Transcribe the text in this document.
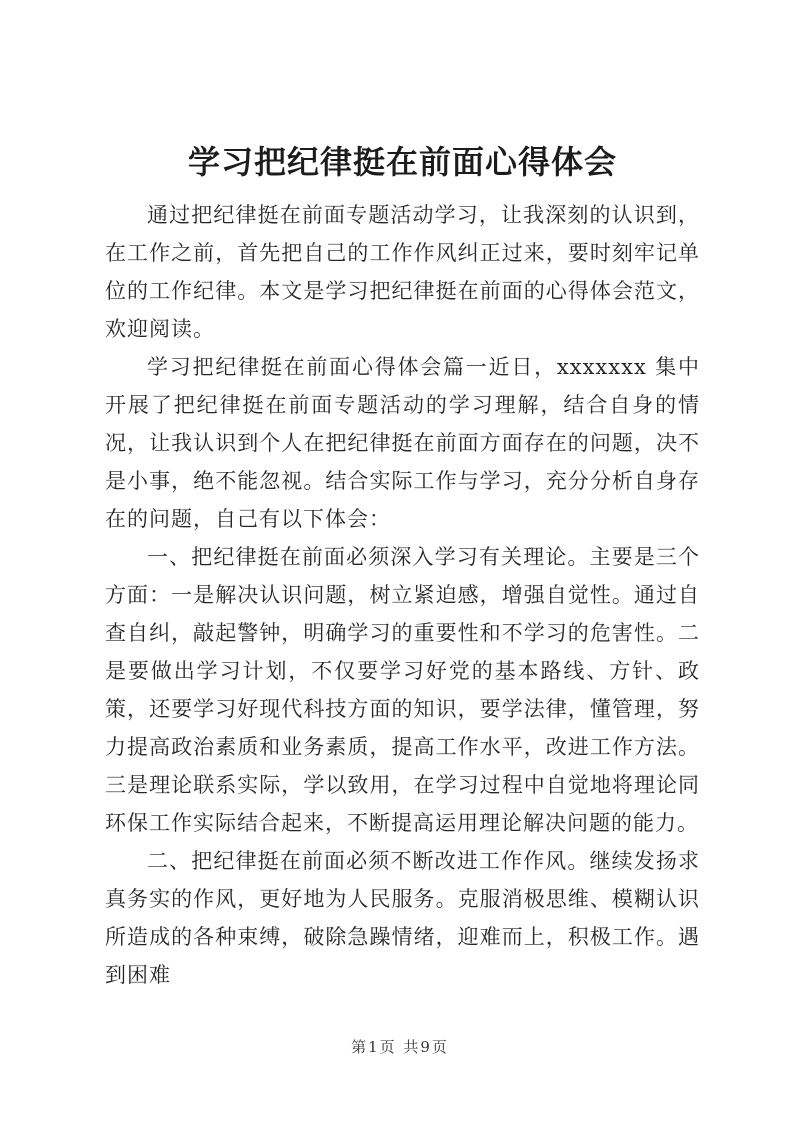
学习把纪律挺在前面心得体会

通过把纪律挺在前面专题活动学习，让我深刻的认识到，在工作之前，首先把自己的工作作风纠正过来，要时刻牢记单位的工作纪律。本文是学习把纪律挺在前面的心得体会范文，欢迎阅读。

学习把纪律挺在前面心得体会篇一近日，xxxxxxx 集中开展了把纪律挺在前面专题活动的学习理解，结合自身的情况，让我认识到个人在把纪律挺在前面方面存在的问题，决不是小事，绝不能忽视。结合实际工作与学习，充分分析自身存在的问题，自己有以下体会：

一、把纪律挺在前面必须深入学习有关理论。主要是三个方面：一是解决认识问题，树立紧迫感，增强自觉性。通过自查自纠，敲起警钟，明确学习的重要性和不学习的危害性。二是要做出学习计划，不仅要学习好党的基本路线、方针、政策，还要学习好现代科技方面的知识，要学法律，懂管理，努力提高政治素质和业务素质，提高工作水平，改进工作方法。三是理论联系实际，学以致用，在学习过程中自觉地将理论同环保工作实际结合起来，不断提高运用理论解决问题的能力。

二、把纪律挺在前面必须不断改进工作作风。继续发扬求真务实的作风，更好地为人民服务。克服消极思维、模糊认识所造成的各种束缚，破除急躁情绪，迎难而上，积极工作。遇到困难

第1页 共9页
